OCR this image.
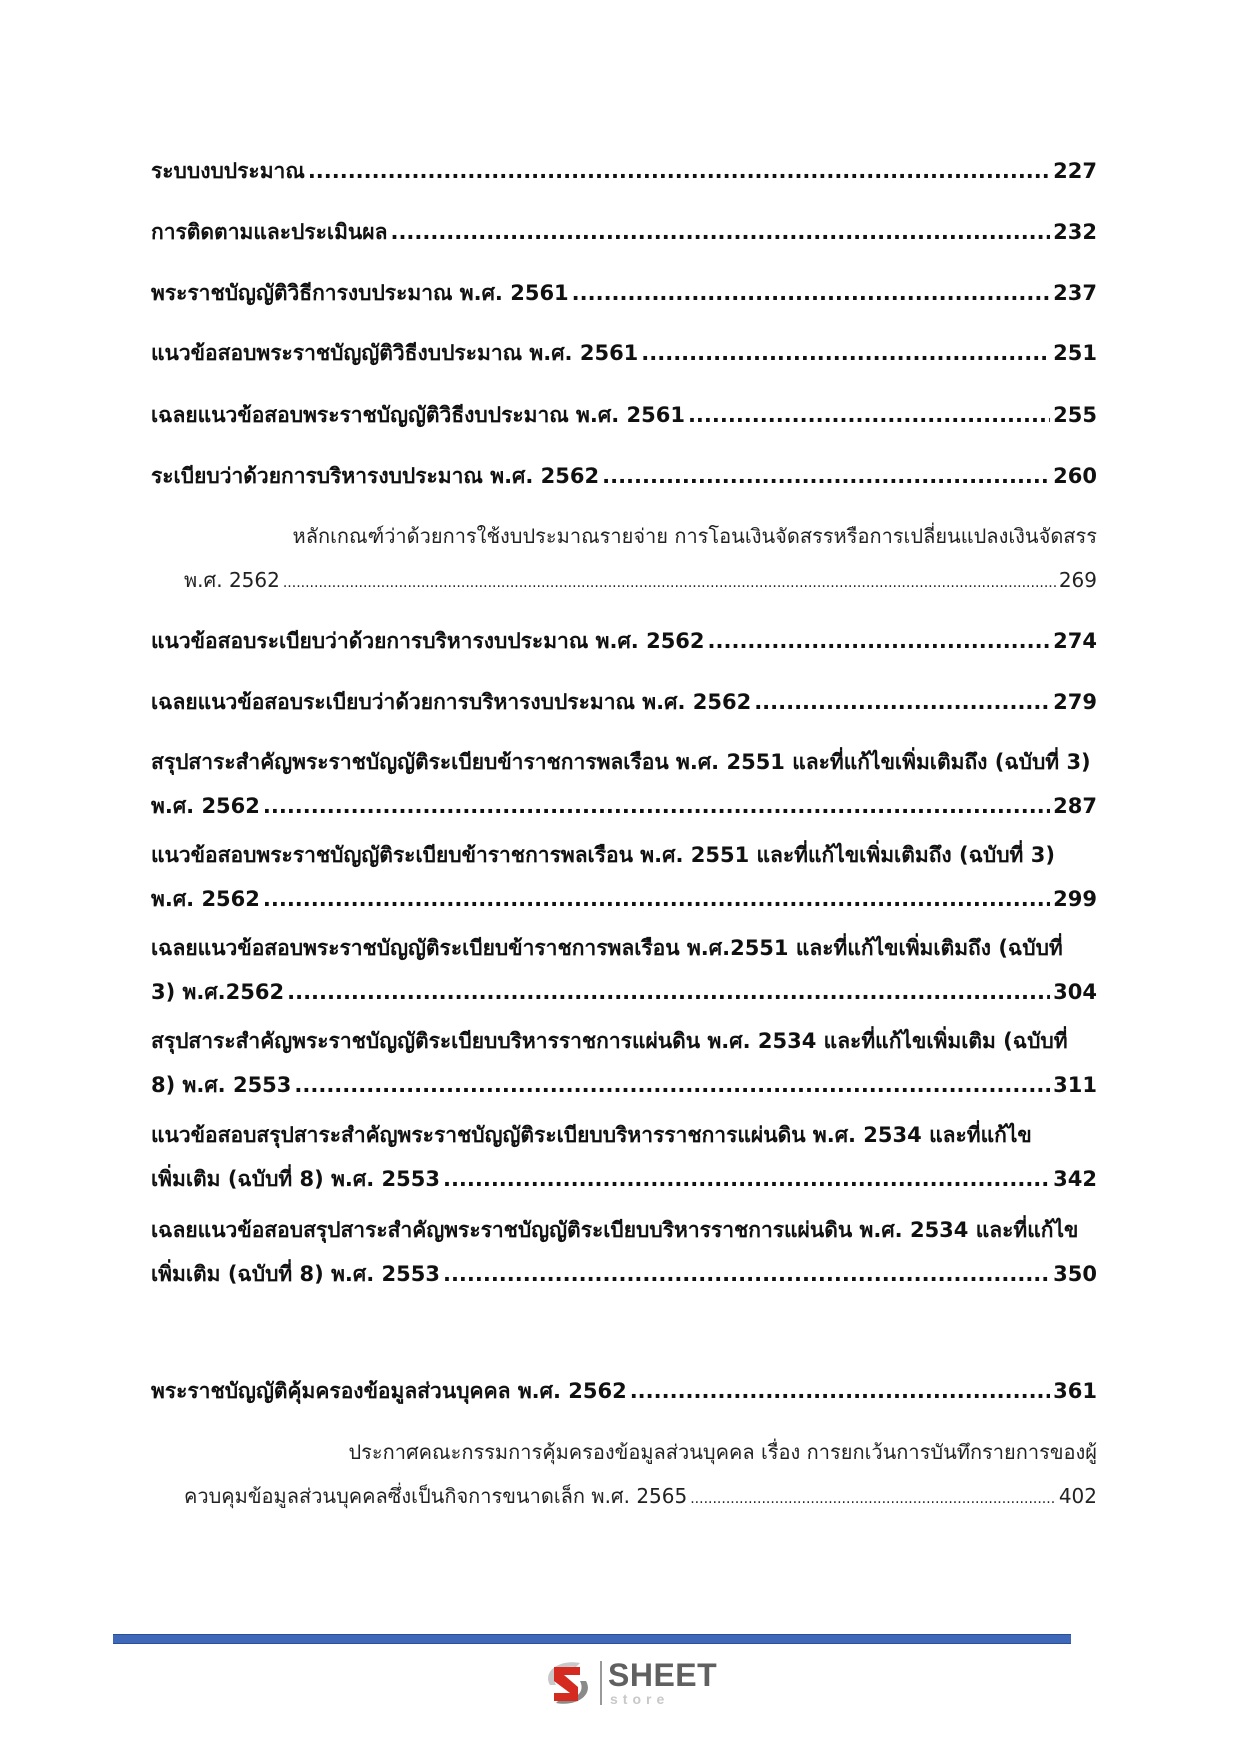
ระบบงบประมาณ .....	227
การติดตามและประเมินผล .....	232
พระราชบัญญัติวิธีการงบประมาณ พ.ศ. 2561 .....	237
แนวข้อสอบพระราชบัญญัติวิธีงบประมาณ พ.ศ. 2561 .....	251
เฉลยแนวข้อสอบพระราชบัญญัติวิธีงบประมาณ พ.ศ. 2561 .....	255
ระเบียบว่าด้วยการบริหารงบประมาณ พ.ศ. 2562 .....	260
หลักเกณฑ์ว่าด้วยการใช้งบประมาณรายจ่าย การโอนเงินจัดสรรหรือการเปลี่ยนแปลงเงินจัดสรร
พ.ศ. 2562 .....	269
แนวข้อสอบระเบียบว่าด้วยการบริหารงบประมาณ พ.ศ. 2562 .....	274
เฉลยแนวข้อสอบระเบียบว่าด้วยการบริหารงบประมาณ พ.ศ. 2562 .....	279
สรุปสาระสำคัญพระราชบัญญัติระเบียบข้าราชการพลเรือน พ.ศ. 2551 และที่แก้ไขเพิ่มเติมถึง (ฉบับที่ 3)
พ.ศ. 2562 .....	287
แนวข้อสอบพระราชบัญญัติระเบียบข้าราชการพลเรือน พ.ศ. 2551 และที่แก้ไขเพิ่มเติมถึง (ฉบับที่ 3)
พ.ศ. 2562 .....	299
เฉลยแนวข้อสอบพระราชบัญญัติระเบียบข้าราชการพลเรือน พ.ศ.2551 และที่แก้ไขเพิ่มเติมถึง (ฉบับที่
3) พ.ศ.2562 .....	304
สรุปสาระสำคัญพระราชบัญญัติระเบียบบริหารราชการแผ่นดิน พ.ศ. 2534 และที่แก้ไขเพิ่มเติม (ฉบับที่
8) พ.ศ. 2553 .....	311
แนวข้อสอบสรุปสาระสำคัญพระราชบัญญัติระเบียบบริหารราชการแผ่นดิน พ.ศ. 2534 และที่แก้ไข
เพิ่มเติม (ฉบับที่ 8) พ.ศ. 2553 .....	342
เฉลยแนวข้อสอบสรุปสาระสำคัญพระราชบัญญัติระเบียบบริหารราชการแผ่นดิน พ.ศ. 2534 และที่แก้ไข
เพิ่มเติม (ฉบับที่ 8) พ.ศ. 2553 .....	350
พระราชบัญญัติคุ้มครองข้อมูลส่วนบุคคล พ.ศ. 2562 .....	361
ประกาศคณะกรรมการคุ้มครองข้อมูลส่วนบุคคล เรื่อง การยกเว้นการบันทึกรายการของผู้
ควบคุมข้อมูลส่วนบุคคลซึ่งเป็นกิจการขนาดเล็ก พ.ศ. 2565 .....	402
SHEET
store
